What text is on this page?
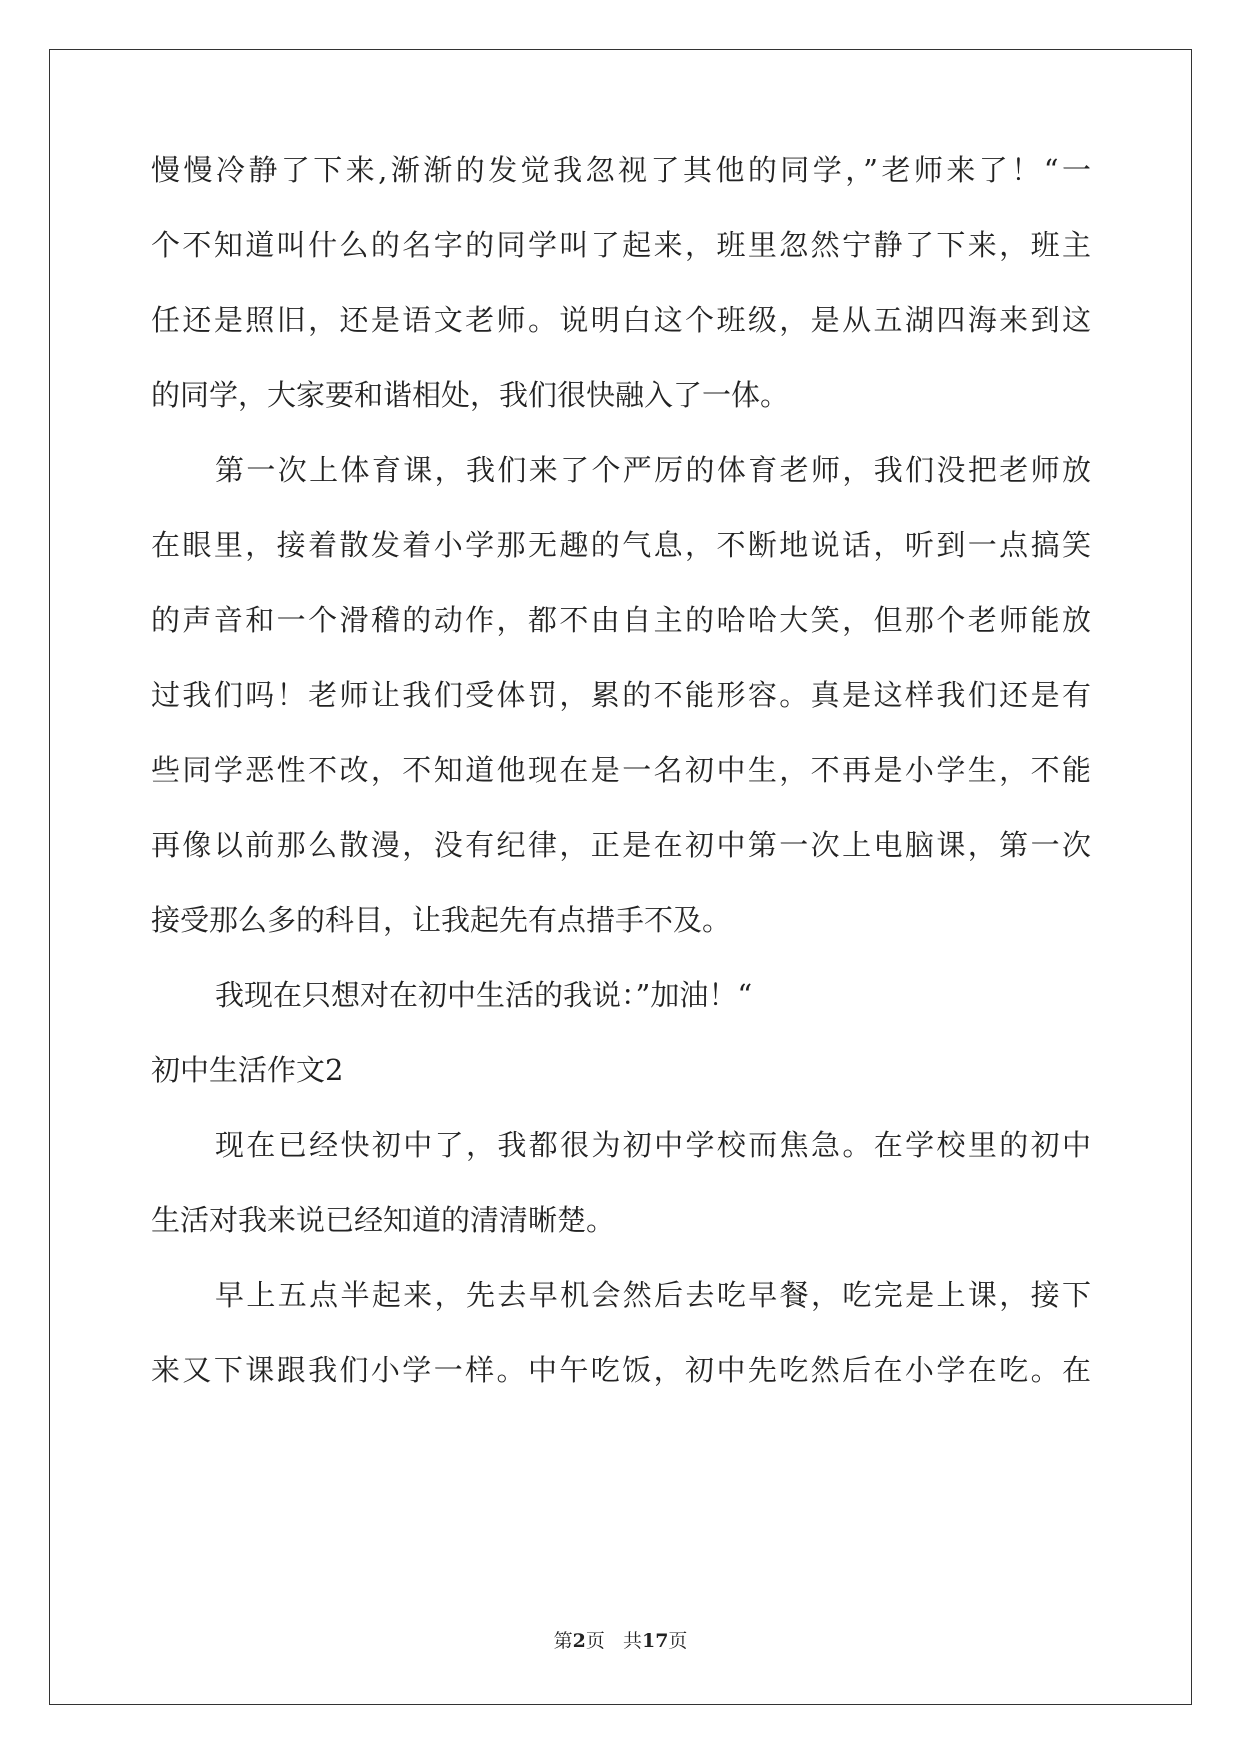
慢慢冷静了下来,渐渐的发觉我忽视了其他的同学，”老师来了！“一
个不知道叫什么的名字的同学叫了起来，班里忽然宁静了下来，班主
任还是照旧，还是语文老师。说明白这个班级，是从五湖四海来到这
的同学，大家要和谐相处，我们很快融入了一体。
第一次上体育课，我们来了个严厉的体育老师，我们没把老师放
在眼里，接着散发着小学那无趣的气息，不断地说话，听到一点搞笑
的声音和一个滑稽的动作，都不由自主的哈哈大笑，但那个老师能放
过我们吗！老师让我们受体罚，累的不能形容。真是这样我们还是有
些同学恶性不改，不知道他现在是一名初中生，不再是小学生，不能
再像以前那么散漫，没有纪律，正是在初中第一次上电脑课，第一次
接受那么多的科目，让我起先有点措手不及。
我现在只想对在初中生活的我说：”加油！“
初中生活作文2
现在已经快初中了，我都很为初中学校而焦急。在学校里的初中
生活对我来说已经知道的清清晰楚。
早上五点半起来，先去早机会然后去吃早餐，吃完是上课，接下
来又下课跟我们小学一样。中午吃饭，初中先吃然后在小学在吃。在
第2页 共17页
